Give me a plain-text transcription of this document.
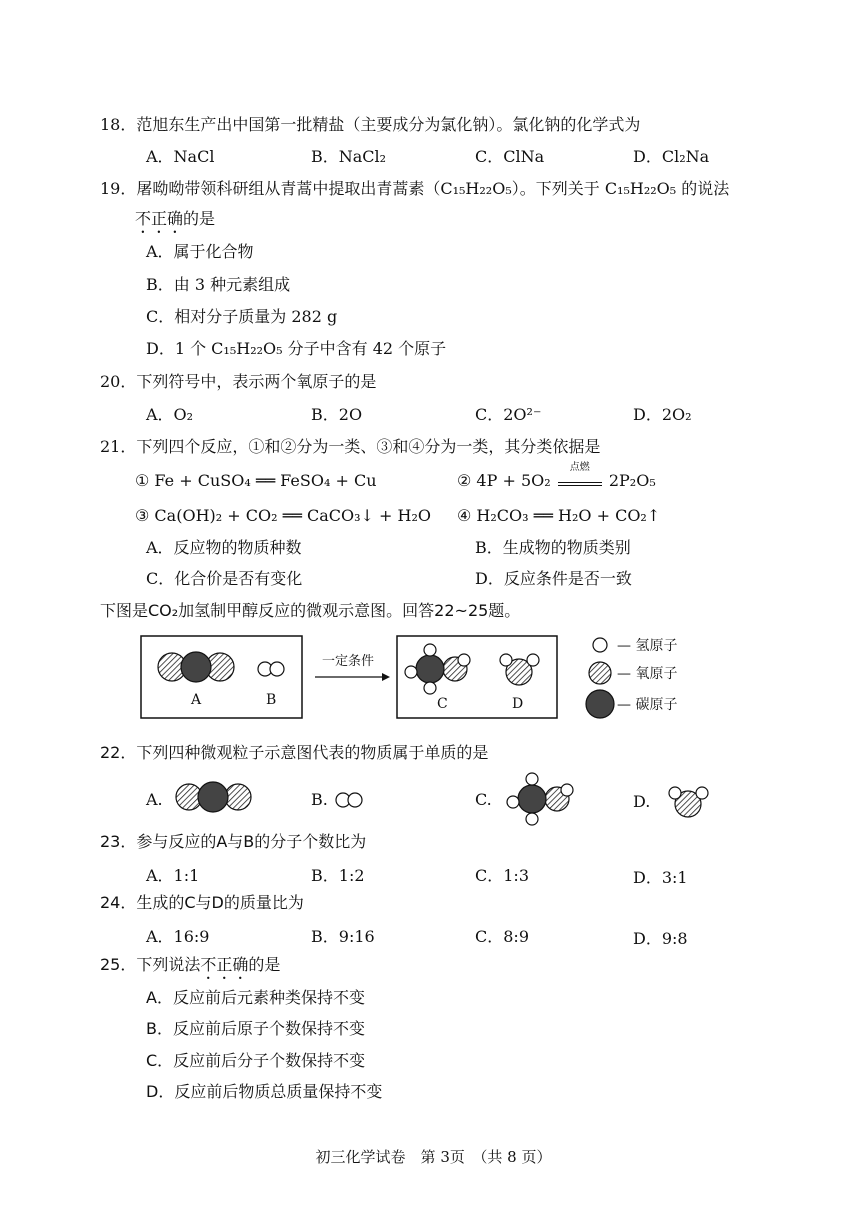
18．范旭东生产出中国第一批精盐（主要成分为氯化钠）。氯化钠的化学式为
A．NaCl	B．NaCl₂	C．ClNa	D．Cl₂Na
19．屠呦呦带领科研组从青蒿中提取出青蒿素（C₁₅H₂₂O₅）。下列关于 C₁₅H₂₂O₅ 的说法
不正确的是
A．属于化合物
B．由 3 种元素组成
C．相对分子质量为 282 g
D．1 个 C₁₅H₂₂O₅ 分子中含有 42 个原子
20．下列符号中，表示两个氧原子的是
A．O₂	B．2O	C．2O²⁻	D．2O₂
21．下列四个反应，①和②分为一类、③和④分为一类，其分类依据是
① Fe + CuSO₄ ══ FeSO₄ + Cu	② 4P + 5O₂
点燃
2P₂O₅
③ Ca(OH)₂ + CO₂ ══ CaCO₃↓ + H₂O ④ H₂CO₃ ══ H₂O + CO₂↑
A．反应物的物质种数	B．生成物的物质类别
C．化合价是否有变化	D．反应条件是否一致
下图是CO₂加氢制甲醇反应的微观示意图。回答22~25题。
一定条件
A	B	C	D
— 氢原子
— 氧原子
— 碳原子
22．下列四种微观粒子示意图代表的物质属于单质的是
A.	B.	C.	D.
23．参与反应的A与B的分子个数比为
A．1:1	B．1:2	C．1:3	D．3:1
24．生成的C与D的质量比为
A．16:9	B．9:16	C．8:9	D．9:8
25．下列说法不正确的是
A．反应前后元素种类保持不变
B．反应前后原子个数保持不变
C．反应前后分子个数保持不变
D．反应前后物质总质量保持不变
初三化学试卷　第 3页　（共 8 页）
